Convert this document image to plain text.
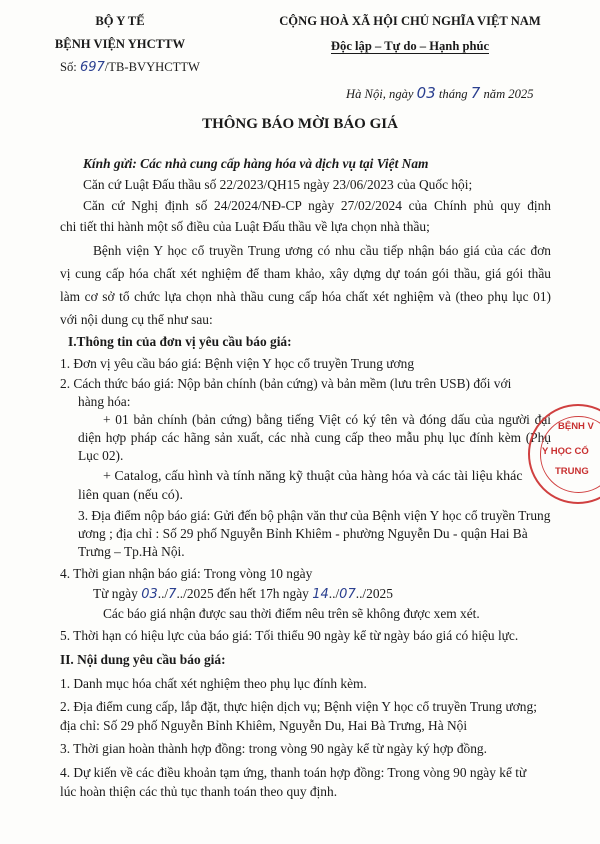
BỘ Y TẾ
BỆNH VIỆN YHCTTW
Số: 697/TB-BVYHCTTW
CỘNG HOÀ XÃ HỘI CHỦ NGHĨA VIỆT NAM
Độc lập – Tự do – Hạnh phúc
Hà Nội, ngày 03 tháng 7 năm 2025
THÔNG BÁO MỜI BÁO GIÁ
Kính gửi: Các nhà cung cấp hàng hóa và dịch vụ tại Việt Nam
Căn cứ Luật Đấu thầu số 22/2023/QH15 ngày 23/06/2023 của Quốc hội;
Căn cứ Nghị định số 24/2024/NĐ-CP ngày 27/02/2024 của Chính phủ quy định
chi tiết thi hành một số điều của Luật Đấu thầu về lựa chọn nhà thầu;
Bệnh viện Y học cổ truyền Trung ương có nhu cầu tiếp nhận báo giá của các đơn
vị cung cấp hóa chất xét nghiệm để tham khảo, xây dựng dự toán gói thầu, giá gói thầu
làm cơ sở tổ chức lựa chọn nhà thầu cung cấp hóa chất xét nghiệm và (theo phụ lục 01)
với nội dung cụ thể như sau:
I.Thông tin của đơn vị yêu cầu báo giá:
1. Đơn vị yêu cầu báo giá: Bệnh viện Y học cổ truyền Trung ương
2. Cách thức báo giá: Nộp bản chính (bản cứng) và bản mềm (lưu trên USB) đối với
hàng hóa:
+ 01 bản chính (bản cứng) bằng tiếng Việt có ký tên và đóng dấu của người đại
diện hợp pháp các hãng sản xuất, các nhà cung cấp theo mẫu phụ lục đính kèm (Phụ
Lục 02).
+ Catalog, cấu hình và tính năng kỹ thuật của hàng hóa và các tài liệu khác
liên quan (nếu có).
3. Địa điểm nộp báo giá: Gửi đến bộ phận văn thư của Bệnh viện Y học cổ truyền Trung
ương ; địa chỉ : Số 29 phố Nguyễn Bỉnh Khiêm - phường Nguyễn Du - quận Hai Bà
Trưng – Tp.Hà Nội.
4. Thời gian nhận báo giá: Trong vòng 10 ngày
Từ ngày 03../7../2025 đến hết 17h ngày 14../07../2025
Các báo giá nhận được sau thời điểm nêu trên sẽ không được xem xét.
5. Thời hạn có hiệu lực của báo giá: Tối thiểu 90 ngày kể từ ngày báo giá có hiệu lực.
II. Nội dung yêu cầu báo giá:
1. Danh mục hóa chất xét nghiệm theo phụ lục đính kèm.
2. Địa điểm cung cấp, lắp đặt, thực hiện dịch vụ; Bệnh viện Y học cổ truyền Trung ương;
địa chỉ: Số 29 phố Nguyễn Bỉnh Khiêm, Nguyễn Du, Hai Bà Trưng, Hà Nội
3. Thời gian hoàn thành hợp đồng: trong vòng 90 ngày kể từ ngày ký hợp đồng.
4. Dự kiến về các điều khoản tạm ứng, thanh toán hợp đồng: Trong vòng 90 ngày kể từ
lúc hoàn thiện các thủ tục thanh toán theo quy định.
BỆNH V
Y HỌC CỔ
TRUNG
